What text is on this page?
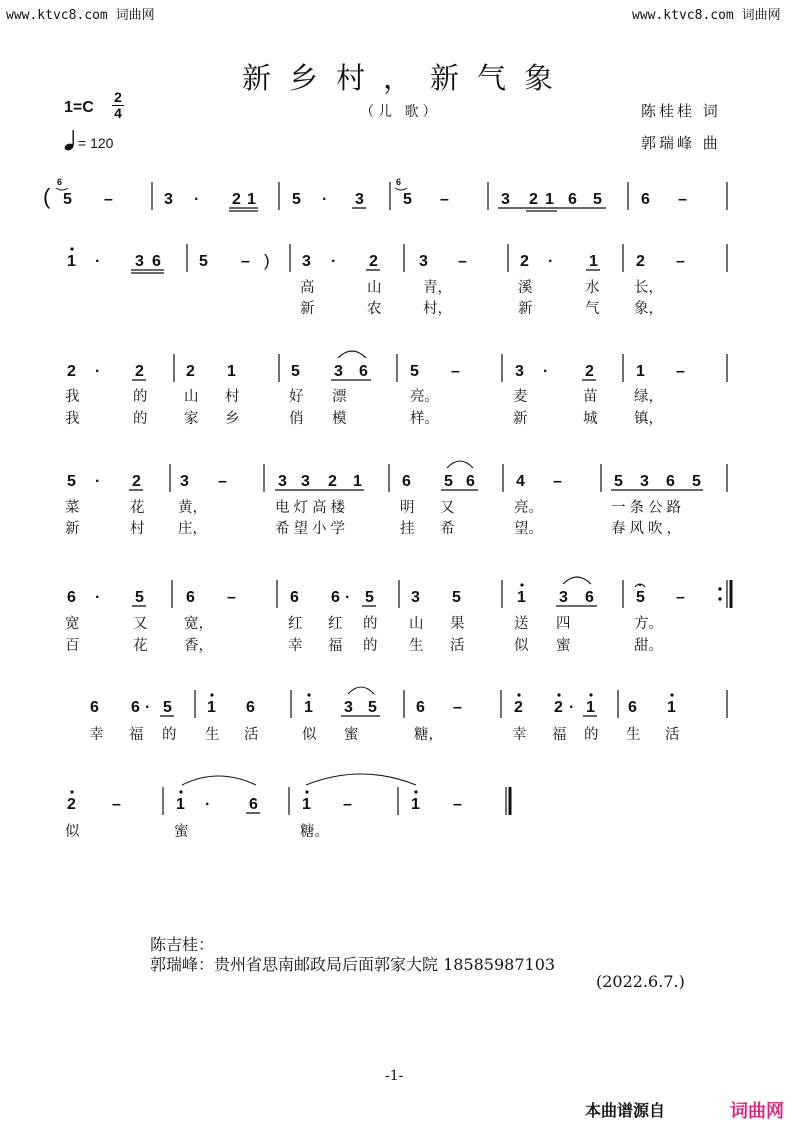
www.ktvc8.com 词曲网	www.ktvc8.com 词曲网
新乡村，新气象
（儿 歌）
1=C
2
4
= 120
陈桂桂 词
郭瑞峰 曲
(
6
5 –	3 · 2 1 5 · 3
6
5 –	3 2 1 6 5 6 –
1 · 3 6 5 – ) 3 · 2	3 –	2 · 1 2 –
2 · 2	2 1	5 3 6	5 –	3 · 2	1 –
5 · 2 3 –	3 3 2 1	6 5 6	4 –	5 3 6 5
6 · 5	6 –	6 6 · 5 3 5	1 3 6	5 –
6 6 · 5 1 6	1 3 5 6 –	2 2 · 1 6 1
2 –	1 · 6	1 –	1 –
高	山	青，	溪	水 长，
新	农	村，	新	气 象，
我	的	山 村	好 漂	亮。	麦	苗	绿，
我	的	家 乡	俏 模	样。	新	城	镇，
菜	花 黄，	电灯高楼	明 又	亮。	一条公路
新	村 庄，	希望小学	挂 希	望。	春风吹，
宽	又	宽，	红 红 的 山 果	送 四	方。
百	花	香，	幸 福 的 生 活	似 蜜	甜。
幸 福 的 生 活	似 蜜	糖，	幸 福 的 生 活
似	蜜	糖。
陈吉桂：
郭瑞峰：贵州省思南邮政局后面郭家大院 18585987103
(2022.6.7.)
-1-
本曲谱源自	词曲网
